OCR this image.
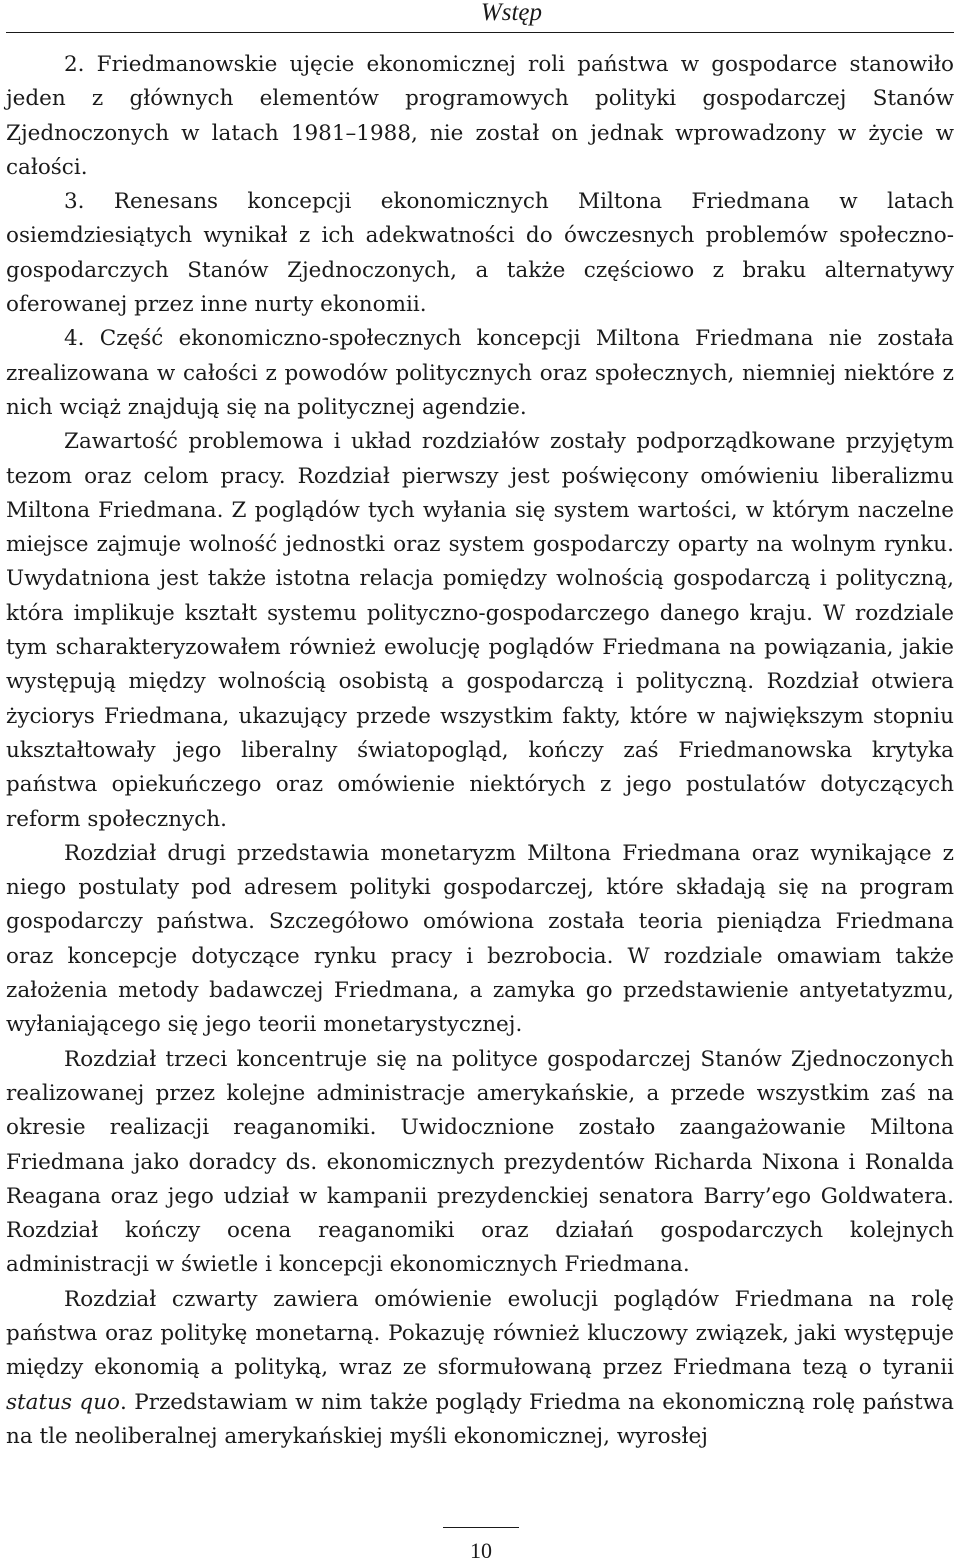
Wstęp

2. Friedmanowskie ujęcie ekonomicznej roli państwa w gospodarce stanowiło jeden z głównych elementów programowych polityki gospodarczej Stanów Zjednoczonych w latach 1981–1988, nie został on jednak wprowadzony w życie w całości.

3. Renesans koncepcji ekonomicznych Miltona Friedmana w latach osiemdziesiątych wynikał z ich adekwatności do ówczesnych problemów społeczno-gospodarczych Stanów Zjednoczonych, a także częściowo z braku alternatywy oferowanej przez inne nurty ekonomii.

4. Część ekonomiczno-społecznych koncepcji Miltona Friedmana nie została zrealizowana w całości z powodów politycznych oraz społecznych, niemniej niektóre z nich wciąż znajdują się na politycznej agendzie.

Zawartość problemowa i układ rozdziałów zostały podporządkowane przyjętym tezom oraz celom pracy. Rozdział pierwszy jest poświęcony omówieniu liberalizmu Miltona Friedmana. Z poglądów tych wyłania się system wartości, w którym naczelne miejsce zajmuje wolność jednostki oraz system gospodarczy oparty na wolnym rynku. Uwydatniona jest także istotna relacja pomiędzy wolnością gospodarczą i polityczną, która implikuje kształt systemu polityczno-gospodarczego danego kraju. W rozdziale tym scharakteryzowałem również ewolucję poglądów Friedmana na powiązania, jakie występują między wolnością osobistą a gospodarczą i polityczną. Rozdział otwiera życiorys Friedmana, ukazujący przede wszystkim fakty, które w największym stopniu ukształtowały jego liberalny światopogląd, kończy zaś Friedmanowska krytyka państwa opiekuńczego oraz omówienie niektórych z jego postulatów dotyczących reform społecznych.

Rozdział drugi przedstawia monetaryzm Miltona Friedmana oraz wynikające z niego postulaty pod adresem polityki gospodarczej, które składają się na program gospodarczy państwa. Szczegółowo omówiona została teoria pieniądza Friedmana oraz koncepcje dotyczące rynku pracy i bezrobocia. W rozdziale omawiam także założenia metody badawczej Friedmana, a zamyka go przedstawienie antyetatyzmu, wyłaniającego się jego teorii monetarystycznej.

Rozdział trzeci koncentruje się na polityce gospodarczej Stanów Zjednoczonych realizowanej przez kolejne administracje amerykańskie, a przede wszystkim zaś na okresie realizacji reaganomiki. Uwidocznione zostało zaangażowanie Miltona Friedmana jako doradcy ds. ekonomicznych prezydentów Richarda Nixona i Ronalda Reagana oraz jego udział w kampanii prezydenckiej senatora Barry’ego Goldwatera. Rozdział kończy ocena reaganomiki oraz działań gospodarczych kolejnych administracji w świetle i koncepcji ekonomicznych Friedmana.

Rozdział czwarty zawiera omówienie ewolucji poglądów Friedmana na rolę państwa oraz politykę monetarną. Pokazuję również kluczowy związek, jaki występuje między ekonomią a polityką, wraz ze sformułowaną przez Friedmana tezą o tyranii status quo. Przedstawiam w nim także poglądy Friedma na ekonomiczną rolę państwa na tle neoliberalnej amerykańskiej myśli ekonomicznej, wyrosłej

10
